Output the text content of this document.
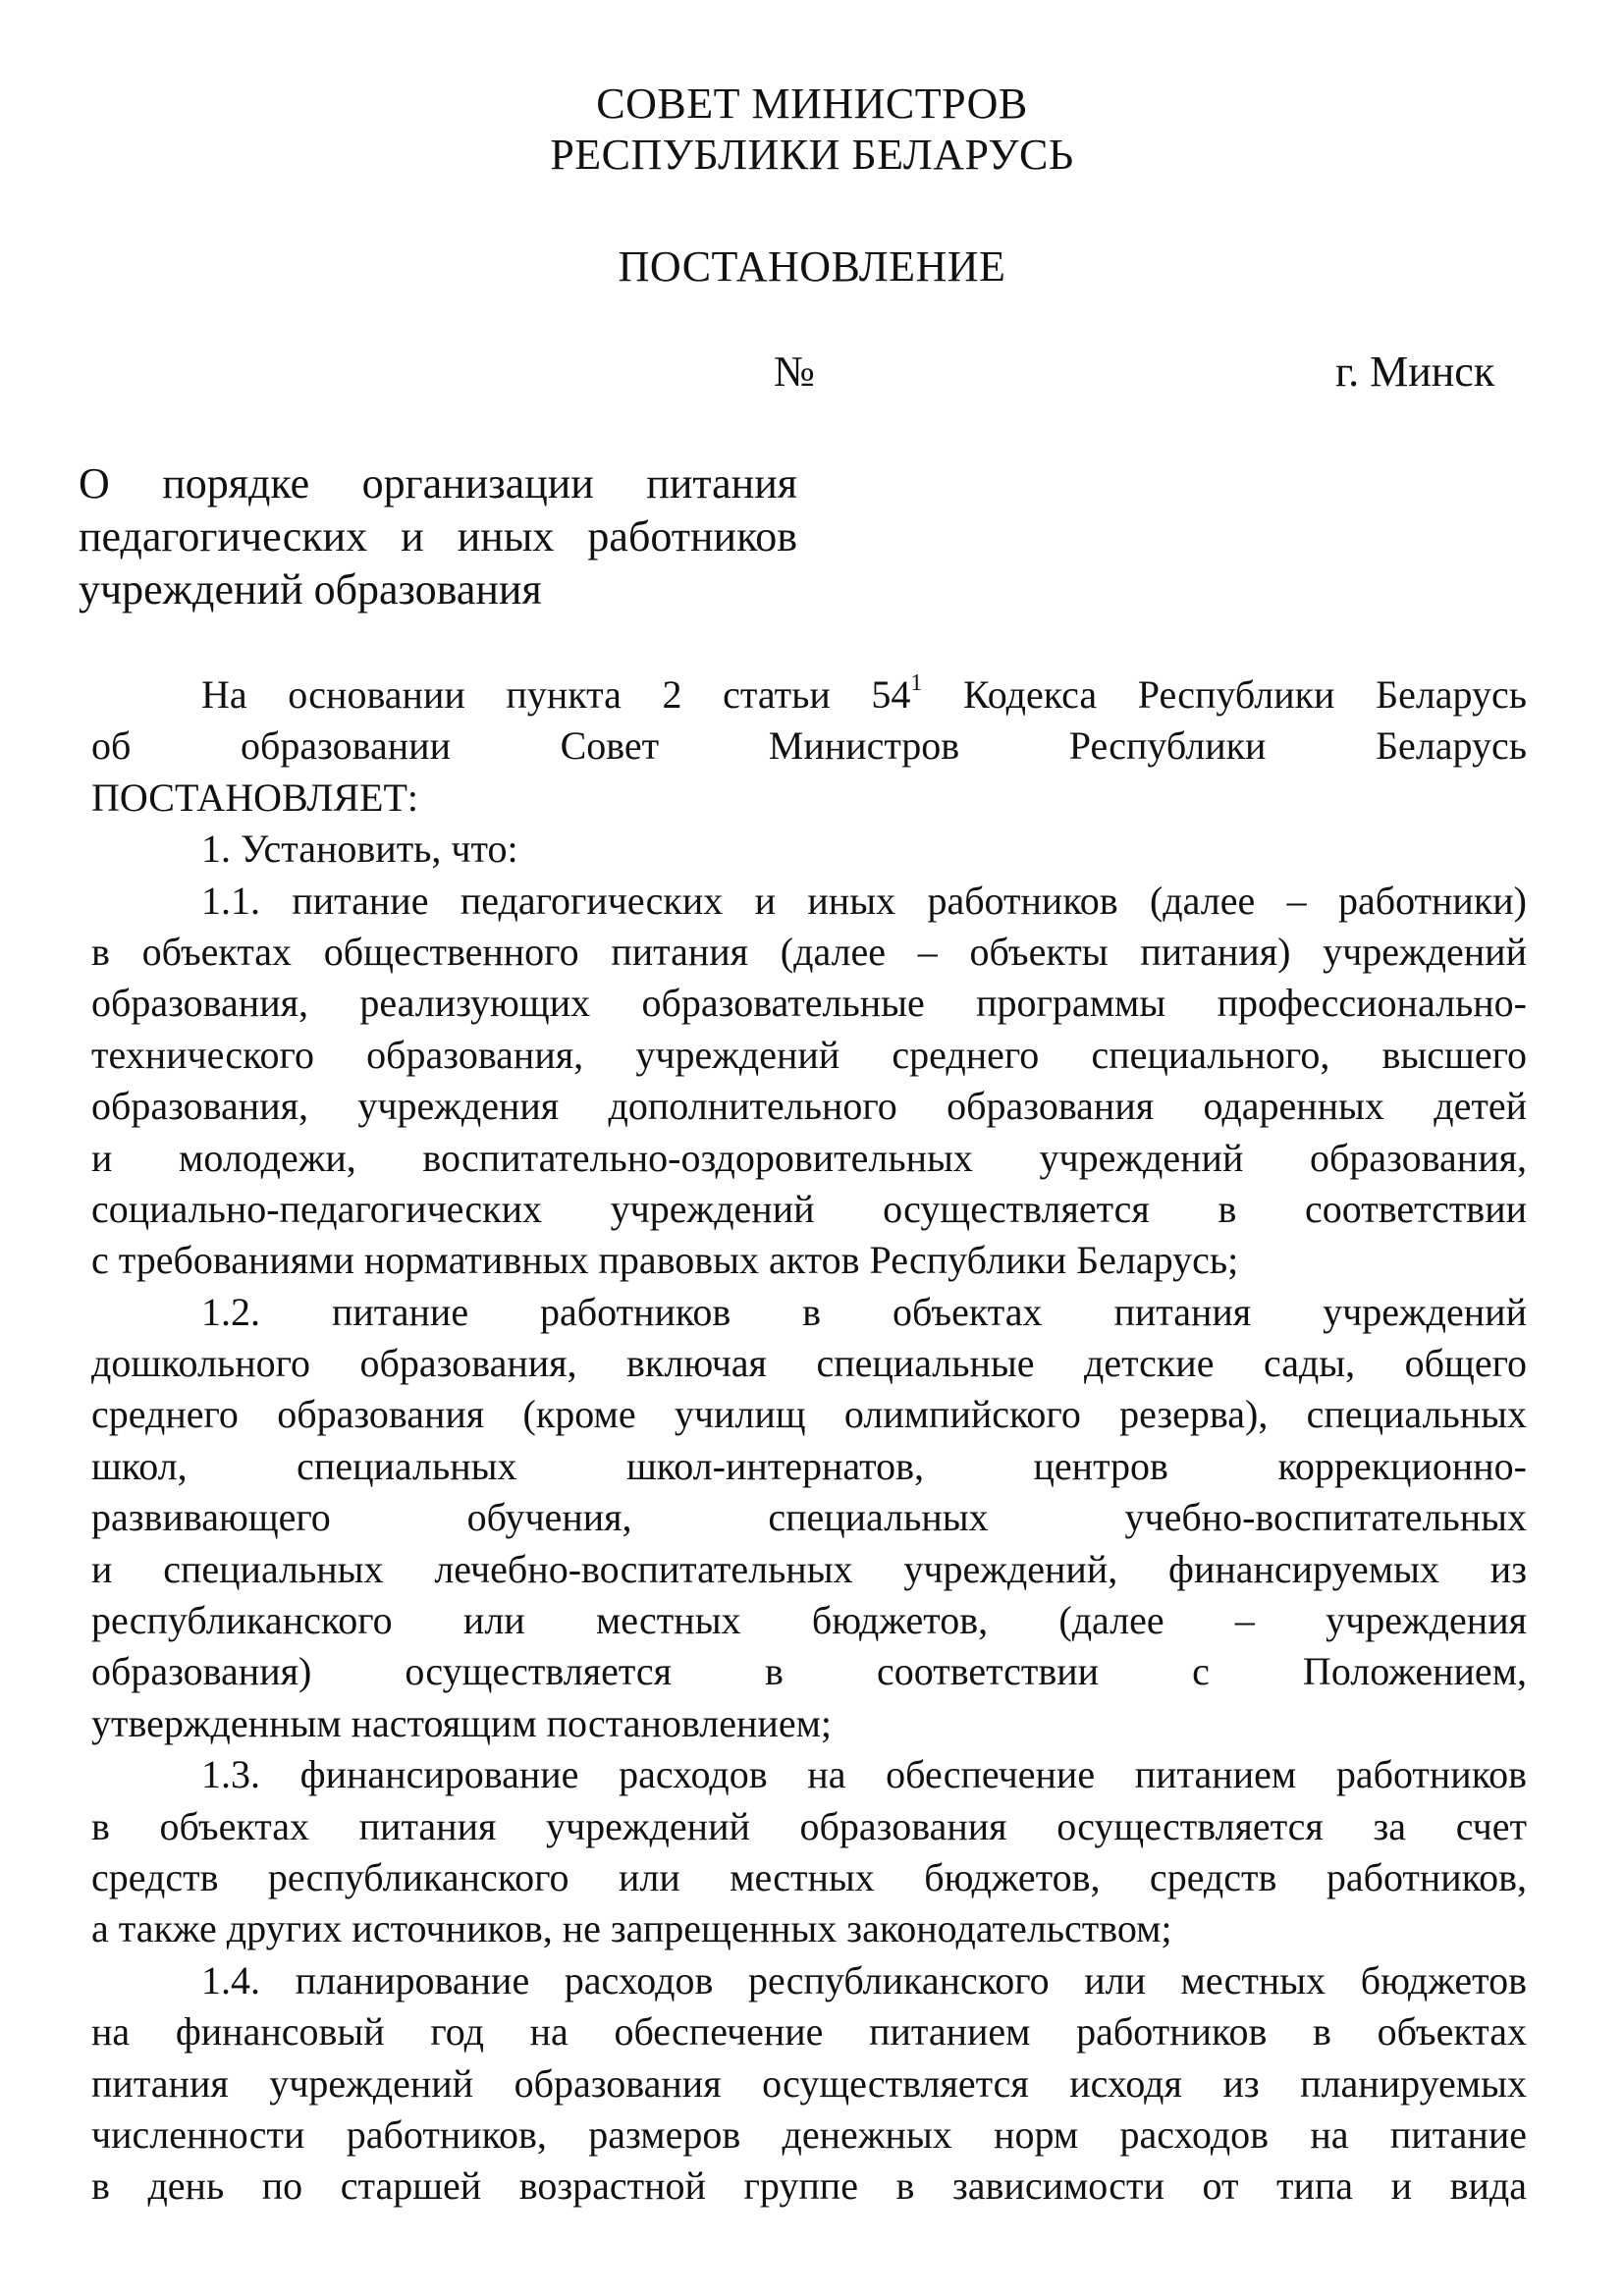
СОВЕТ МИНИСТРОВ
РЕСПУБЛИКИ БЕЛАРУСЬ
ПОСТАНОВЛЕНИЕ
№	г. Минск
О порядке организации питания
педагогических и иных работников
учреждений образования
На основании пункта 2 статьи $54^1$ Кодекса Республики Беларусь
об образовании Совет Министров Республики Беларусь
ПОСТАНОВЛЯЕТ:
1. Установить, что:
1.1. питание педагогических и иных работников (далее – работники)
в объектах общественного питания (далее – объекты питания) учреждений
образования, реализующих образовательные программы профессионально-
технического образования, учреждений среднего специального, высшего
образования, учреждения дополнительного образования одаренных детей
и молодежи, воспитательно-оздоровительных учреждений образования,
социально-педагогических учреждений осуществляется в соответствии
с требованиями нормативных правовых актов Республики Беларусь;
1.2. питание работников в объектах питания учреждений
дошкольного образования, включая специальные детские сады, общего
среднего образования (кроме училищ олимпийского резерва), специальных
школ, специальных школ-интернатов, центров коррекционно-
развивающего обучения, специальных учебно-воспитательных
и специальных лечебно-воспитательных учреждений, финансируемых из
республиканского или местных бюджетов, (далее – учреждения
образования) осуществляется в соответствии с Положением,
утвержденным настоящим постановлением;
1.3. финансирование расходов на обеспечение питанием работников
в объектах питания учреждений образования осуществляется за счет
средств республиканского или местных бюджетов, средств работников,
а также других источников, не запрещенных законодательством;
1.4. планирование расходов республиканского или местных бюджетов
на финансовый год на обеспечение питанием работников в объектах
питания учреждений образования осуществляется исходя из планируемых
численности работников, размеров денежных норм расходов на питание
в день по старшей возрастной группе в зависимости от типа и вида
